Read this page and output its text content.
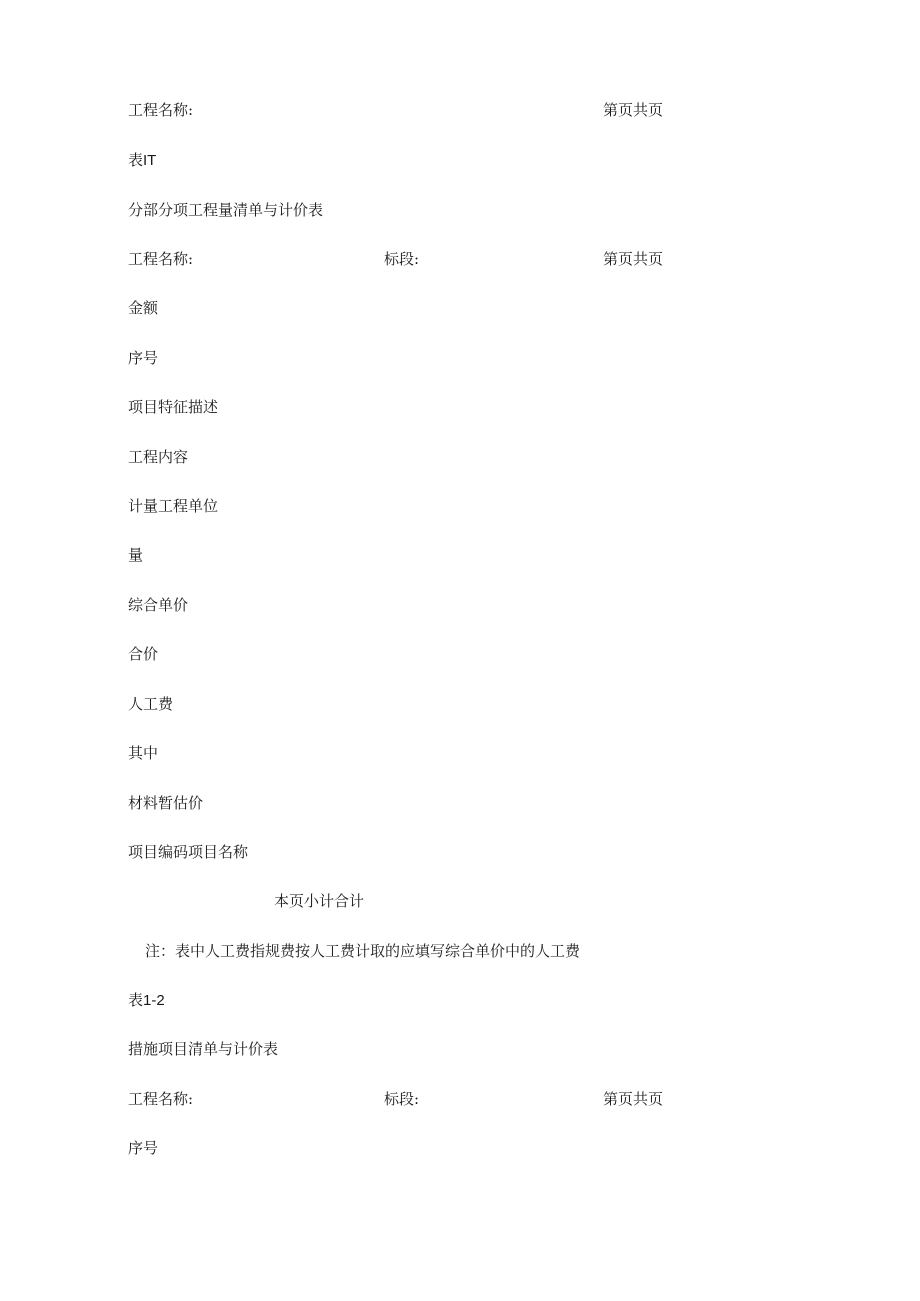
工程名称:	第页共页
表IT
分部分项工程量清单与计价表
工程名称:	标段:	第页共页
金额
序号
项目特征描述
工程内容
计量工程单位
量
综合单价
合价
人工费
其中
材料暂估价
项目编码项目名称
本页小计合计
注：表中人工费指规费按人工费计取的应填写综合单价中的人工费
表1-2
措施项目清单与计价表
工程名称:	标段:	第页共页
序号
